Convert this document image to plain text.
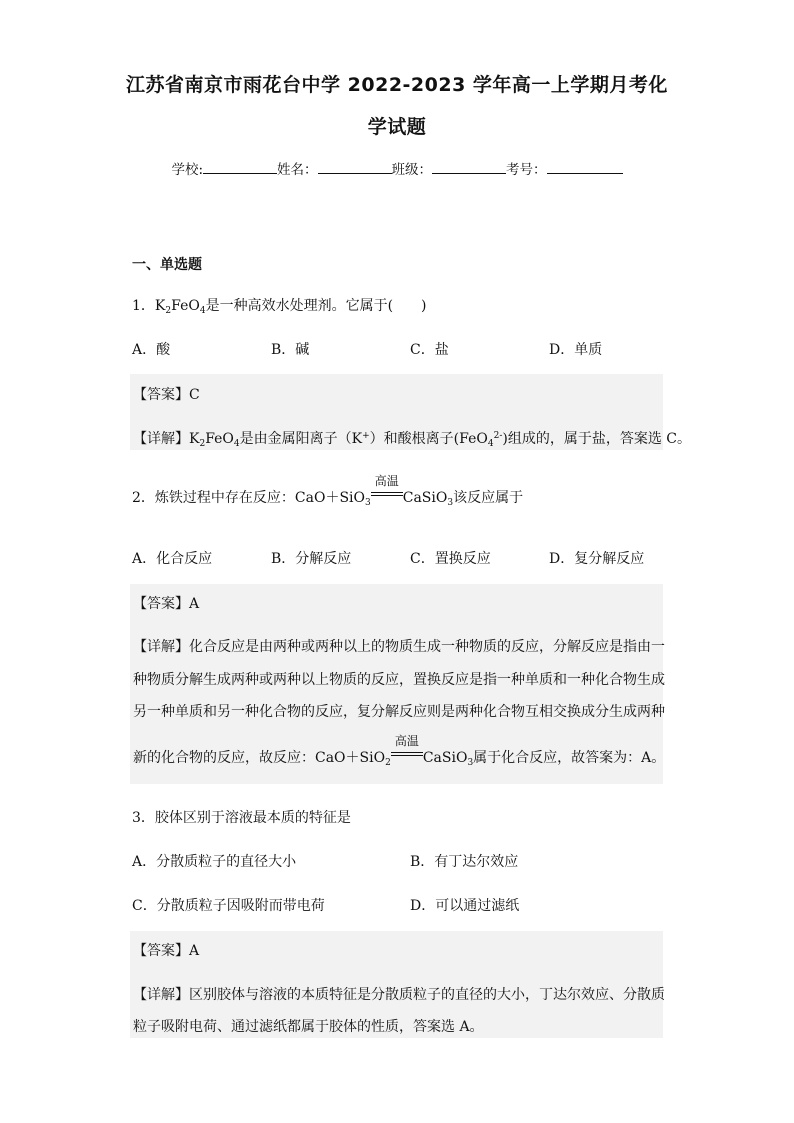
江苏省南京市雨花台中学 2022-2023 学年高一上学期月考化
学试题
学校:	姓名：	班级：	考号：
一、单选题
1．$K_2FeO_4$是一种高效水处理剂。它属于(　　)
A．酸	B．碱	C．盐	D．单质
【答案】C
【详解】$K_2FeO_4$是由金属阳离子（K+）和酸根离子(FeO$_4^{2-}$)组成的，属于盐，答案选 C。
2．炼铁过程中存在反应：CaO＋SiO$_3$
高温
CaSiO$_3$该反应属于
A．化合反应	B．分解反应	C．置换反应	D．复分解反应
【答案】A
【详解】化合反应是由两种或两种以上的物质生成一种物质的反应，分解反应是指由一
种物质分解生成两种或两种以上物质的反应，置换反应是指一种单质和一种化合物生成
另一种单质和另一种化合物的反应，复分解反应则是两种化合物互相交换成分生成两种
新的化合物的反应，故反应：CaO＋SiO$_2$
高温
CaSiO$_3$属于化合反应，故答案为：A。
3．胶体区别于溶液最本质的特征是
A．分散质粒子的直径大小	B．有丁达尔效应
C．分散质粒子因吸附而带电荷	D．可以通过滤纸
【答案】A
【详解】区别胶体与溶液的本质特征是分散质粒子的直径的大小，丁达尔效应、分散质
粒子吸附电荷、通过滤纸都属于胶体的性质，答案选 A。
